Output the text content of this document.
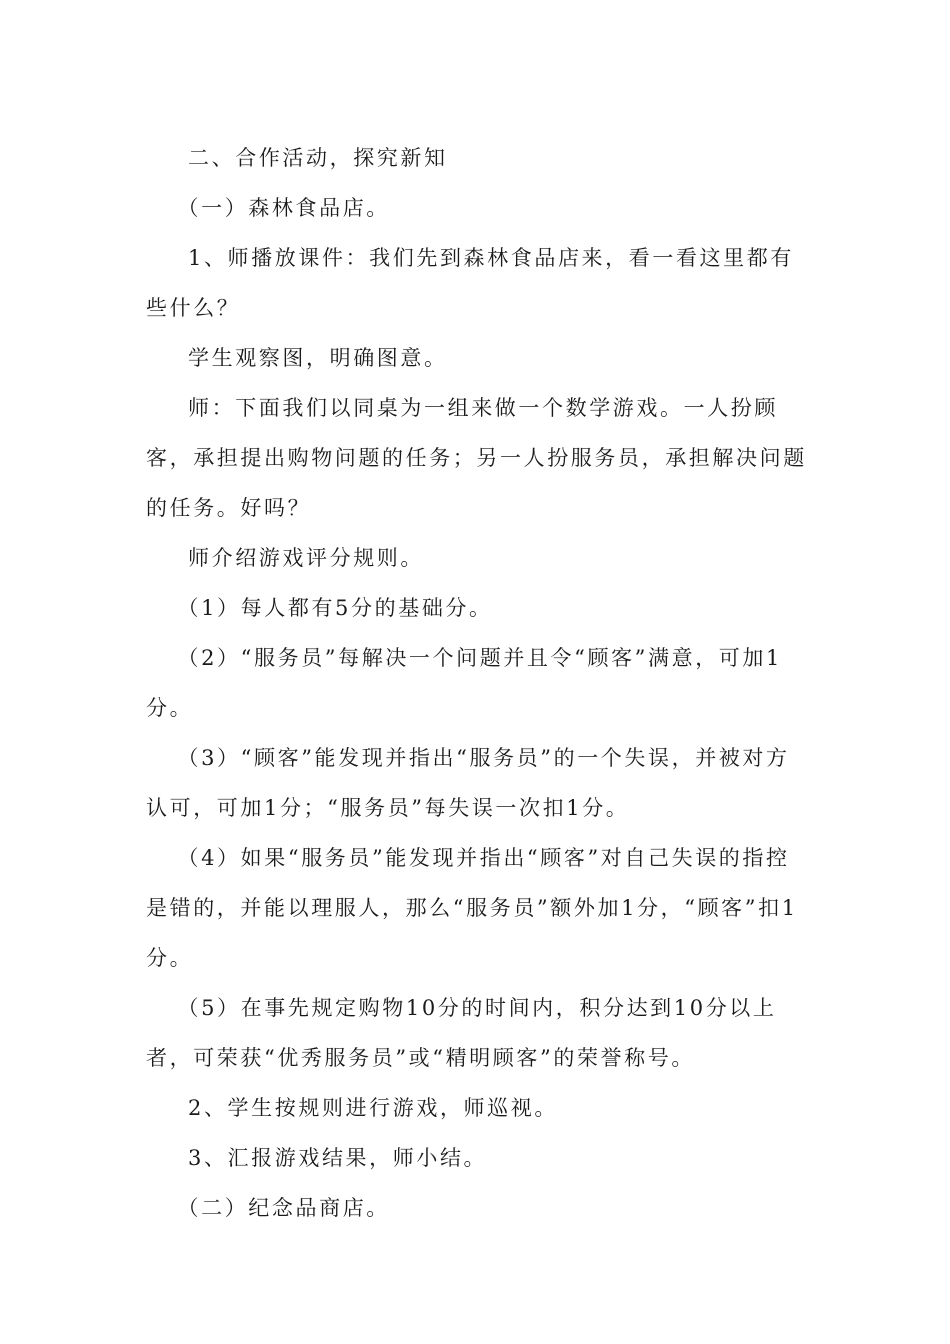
二、合作活动，探究新知

（一）森林食品店。

1、师播放课件：我们先到森林食品店来，看一看这里都有些什么？

学生观察图，明确图意。

师：下面我们以同桌为一组来做一个数学游戏。一人扮顾客，承担提出购物问题的任务；另一人扮服务员，承担解决问题的任务。好吗？

师介绍游戏评分规则。

（1）每人都有5分的基础分。

（2）“服务员”每解决一个问题并且令“顾客”满意，可加1分。

（3）“顾客”能发现并指出“服务员”的一个失误，并被对方认可，可加1分；“服务员”每失误一次扣1分。

（4）如果“服务员”能发现并指出“顾客”对自己失误的指控是错的，并能以理服人，那么“服务员”额外加1分，“顾客”扣1分。

（5）在事先规定购物10分的时间内，积分达到10分以上者，可荣获“优秀服务员”或“精明顾客”的荣誉称号。

2、学生按规则进行游戏，师巡视。

3、汇报游戏结果，师小结。

（二）纪念品商店。
